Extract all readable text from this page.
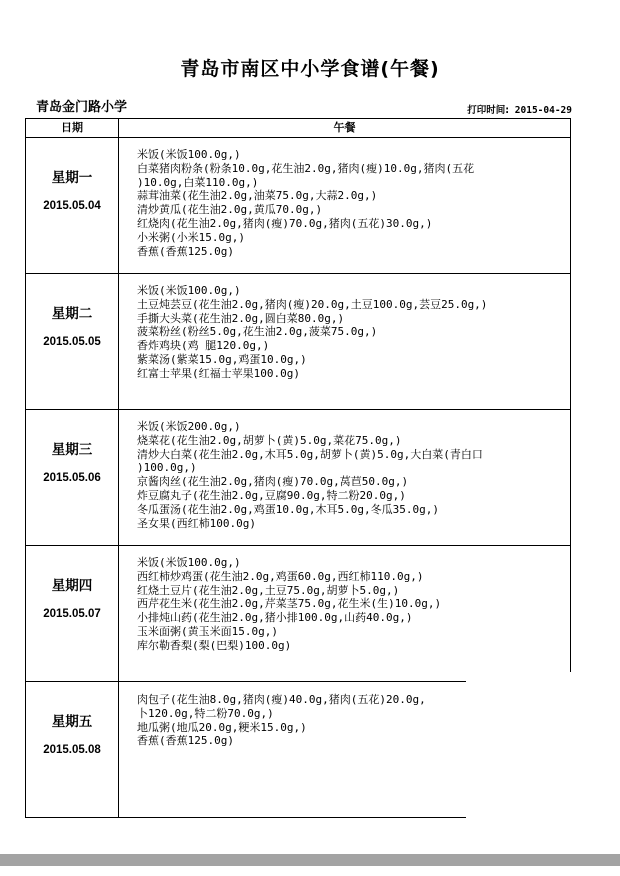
青岛市南区中小学食谱(午餐)
青岛金门路小学	打印时间: 2015-04-29
日期	午餐
星期一
2015.05.04
米饭(米饭100.0g,)
白菜猪肉粉条(粉条10.0g,花生油2.0g,猪肉(瘦)10.0g,猪肉(五花
)10.0g,白菜110.0g,)
蒜茸油菜(花生油2.0g,油菜75.0g,大蒜2.0g,)
清炒黄瓜(花生油2.0g,黄瓜70.0g,)
红烧肉(花生油2.0g,猪肉(瘦)70.0g,猪肉(五花)30.0g,)
小米粥(小米15.0g,)
香蕉(香蕉125.0g)
星期二
2015.05.05
米饭(米饭100.0g,)
土豆炖芸豆(花生油2.0g,猪肉(瘦)20.0g,土豆100.0g,芸豆25.0g,)
手撕大头菜(花生油2.0g,圆白菜80.0g,)
菠菜粉丝(粉丝5.0g,花生油2.0g,菠菜75.0g,)
香炸鸡块(鸡 腿120.0g,)
紫菜汤(紫菜15.0g,鸡蛋10.0g,)
红富士苹果(红福士苹果100.0g)
星期三
2015.05.06
米饭(米饭200.0g,)
烧菜花(花生油2.0g,胡萝卜(黄)5.0g,菜花75.0g,)
清炒大白菜(花生油2.0g,木耳5.0g,胡萝卜(黄)5.0g,大白菜(青白口
)100.0g,)
京酱肉丝(花生油2.0g,猪肉(瘦)70.0g,莴苣50.0g,)
炸豆腐丸子(花生油2.0g,豆腐90.0g,特二粉20.0g,)
冬瓜蛋汤(花生油2.0g,鸡蛋10.0g,木耳5.0g,冬瓜35.0g,)
圣女果(西红柿100.0g)
星期四
2015.05.07
米饭(米饭100.0g,)
西红柿炒鸡蛋(花生油2.0g,鸡蛋60.0g,西红柿110.0g,)
红烧土豆片(花生油2.0g,土豆75.0g,胡萝卜5.0g,)
西芹花生米(花生油2.0g,芹菜茎75.0g,花生米(生)10.0g,)
小排炖山药(花生油2.0g,猪小排100.0g,山药40.0g,)
玉米面粥(黄玉米面15.0g,)
库尔勒香梨(梨(巴梨)100.0g)
星期五
2015.05.08
肉包子(花生油8.0g,猪肉(瘦)40.0g,猪肉(五花)20.0g,
卜120.0g,特二粉70.0g,)
地瓜粥(地瓜20.0g,粳米15.0g,)
香蕉(香蕉125.0g)
